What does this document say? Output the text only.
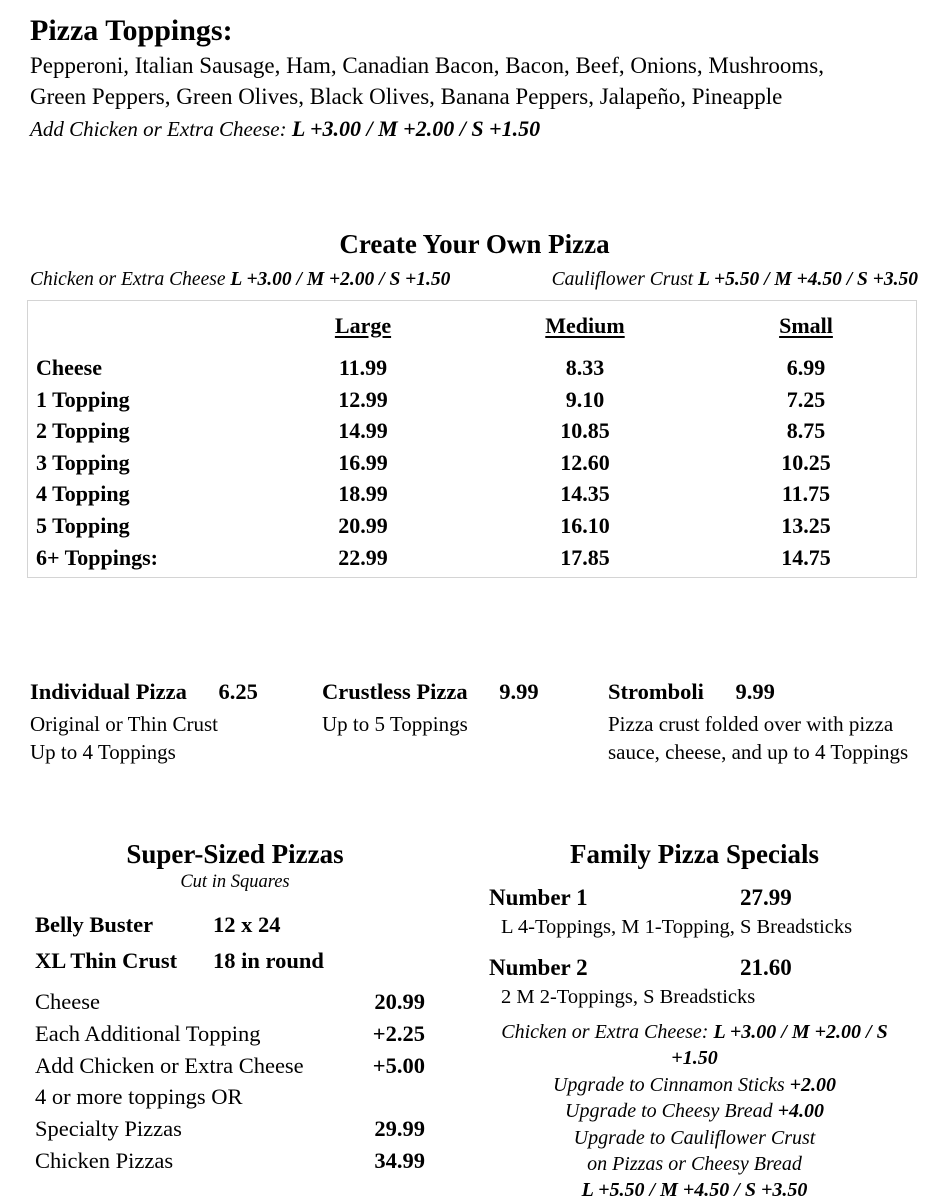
Pizza Toppings:
Pepperoni, Italian Sausage, Ham, Canadian Bacon, Bacon, Beef, Onions, Mushrooms,
Green Peppers, Green Olives, Black Olives, Banana Peppers, Jalapeño, Pineapple
Add Chicken or Extra Cheese: L +3.00 / M +2.00 / S +1.50
Create Your Own Pizza
Chicken or Extra Cheese L +3.00 / M +2.00 / S +1.50	Cauliflower Crust L +5.50 / M +4.50 / S +3.50
Large	Medium	Small
Cheese	11.99	8.33	6.99
1 Topping	12.99	9.10	7.25
2 Topping	14.99	10.85	8.75
3 Topping	16.99	12.60	10.25
4 Topping	18.99	14.35	11.75
5 Topping	20.99	16.10	13.25
6+ Toppings:	22.99	17.85	14.75
Individual Pizza 6.25
Original or Thin Crust
Up to 4 Toppings
Crustless Pizza 9.99
Up to 5 Toppings
Stromboli 9.99
Pizza crust folded over with pizza
sauce, cheese, and up to 4 Toppings
Super-Sized Pizzas
Cut in Squares
Belly Buster	12 x 24
XL Thin Crust	18 in round
Cheese	20.99
Each Additional Topping	+2.25
Add Chicken or Extra Cheese	+5.00
4 or more toppings OR
Specialty Pizzas	29.99
Chicken Pizzas	34.99
Family Pizza Specials
Number 1	27.99
L 4-Toppings, M 1-Topping, S Breadsticks
Number 2	21.60
2 M 2-Toppings, S Breadsticks
Chicken or Extra Cheese: L +3.00 / M +2.00 / S +1.50
Upgrade to Cinnamon Sticks +2.00
Upgrade to Cheesy Bread +4.00
Upgrade to Cauliflower Crust
on Pizzas or Cheesy Bread
L +5.50 / M +4.50 / S +3.50
